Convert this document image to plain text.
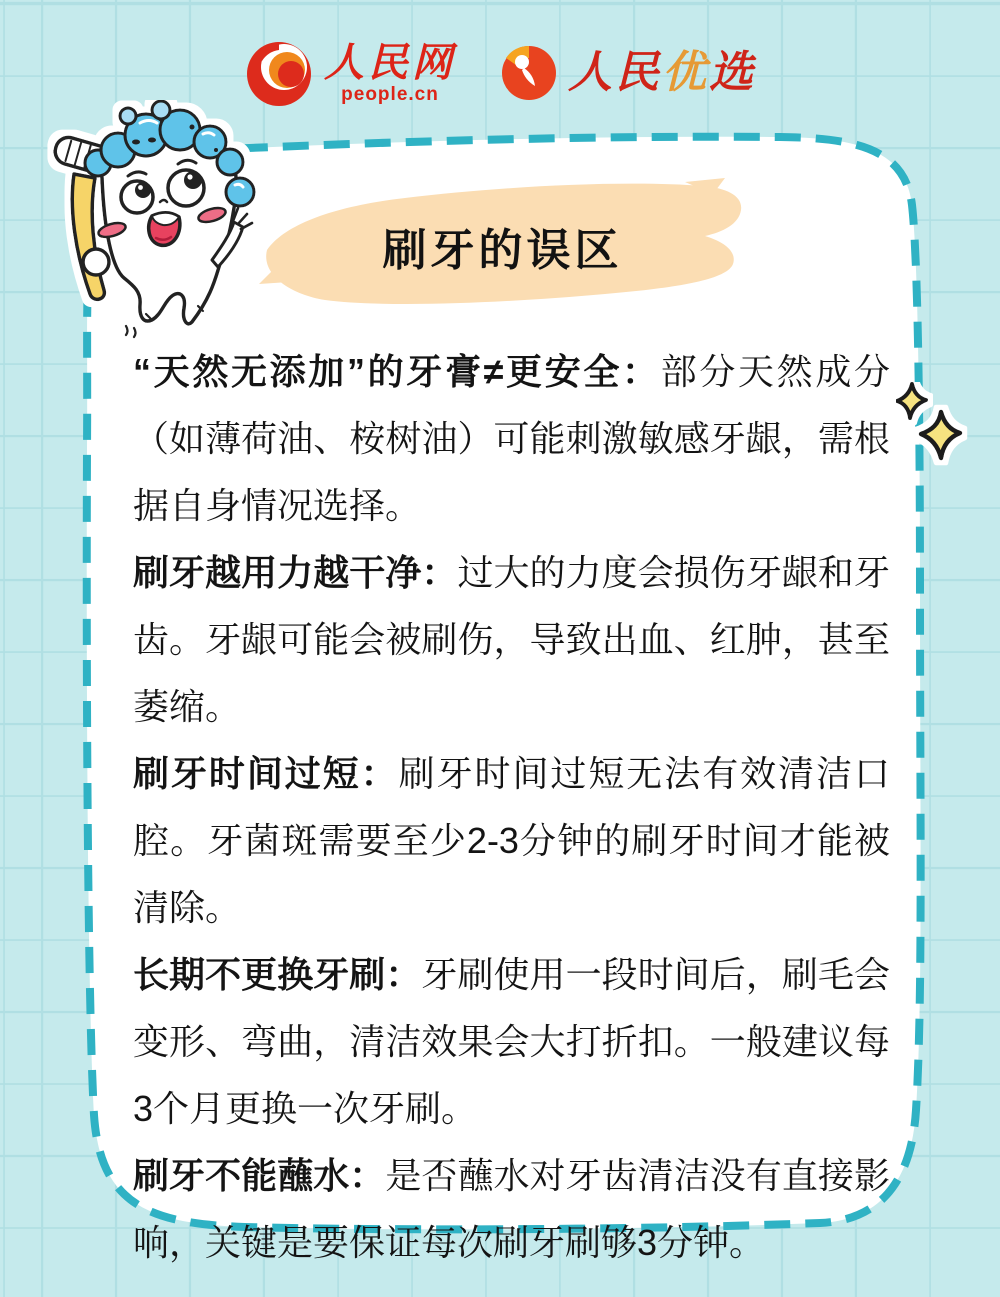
人民网
people.cn	人民优选
刷牙的误区

“天然无添加”的牙膏≠更安全：部分天然成分（如薄荷油、桉树油）可能刺激敏感牙龈，需根据自身情况选择。

刷牙越用力越干净：过大的力度会损伤牙龈和牙齿。牙龈可能会被刷伤，导致出血、红肿，甚至萎缩。

刷牙时间过短：刷牙时间过短无法有效清洁口腔。牙菌斑需要至少2-3分钟的刷牙时间才能被清除。

长期不更换牙刷：牙刷使用一段时间后，刷毛会变形、弯曲，清洁效果会大打折扣。一般建议每3个月更换一次牙刷。

刷牙不能蘸水：是否蘸水对牙齿清洁没有直接影响，关键是要保证每次刷牙刷够3分钟。
